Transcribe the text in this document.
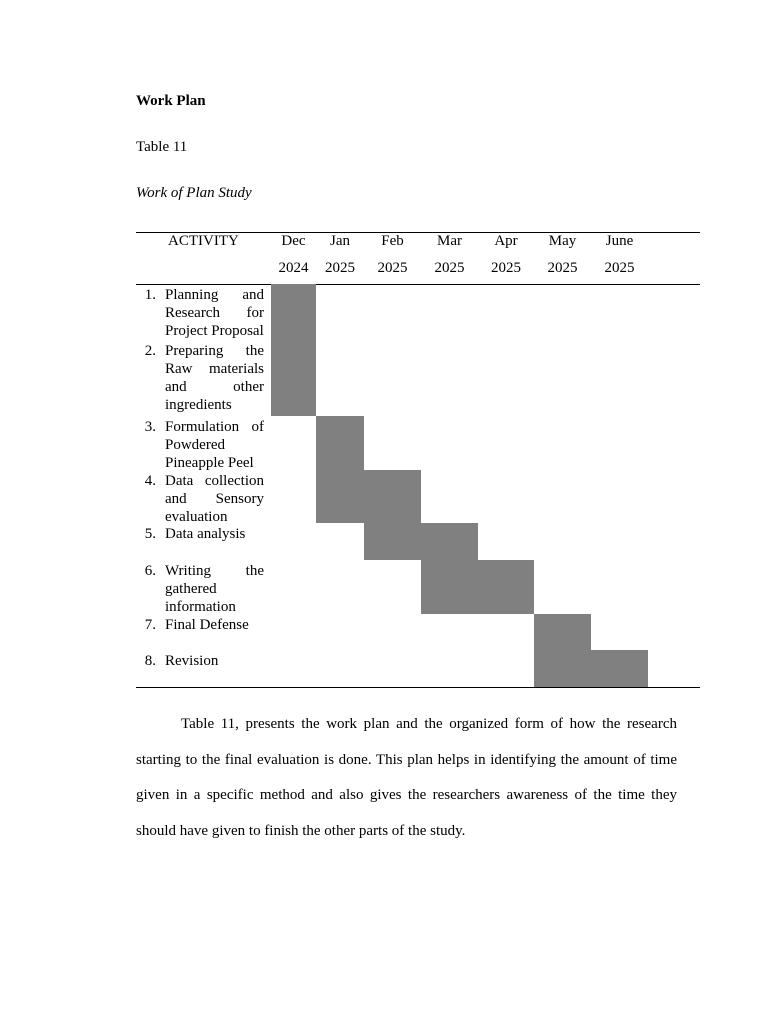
Work Plan
Table 11
Work of Plan Study
ACTIVITY	Dec
2024
Jan
2025
Feb
2025
Mar
2025
Apr
2025
May
2025
June
2025
1. Planning and Research for Project Proposal
2. Preparing the Raw materials and other ingredients
3. Formulation of Powdered Pineapple Peel
4. Data collection and Sensory evaluation
5. Data analysis
6. Writing the gathered information
7. Final Defense
8. Revision

Table 11, presents the work plan and the organized form of how the research starting to the final evaluation is done. This plan helps in identifying the amount of time given in a specific method and also gives the researchers awareness of the time they should have given to finish the other parts of the study.
